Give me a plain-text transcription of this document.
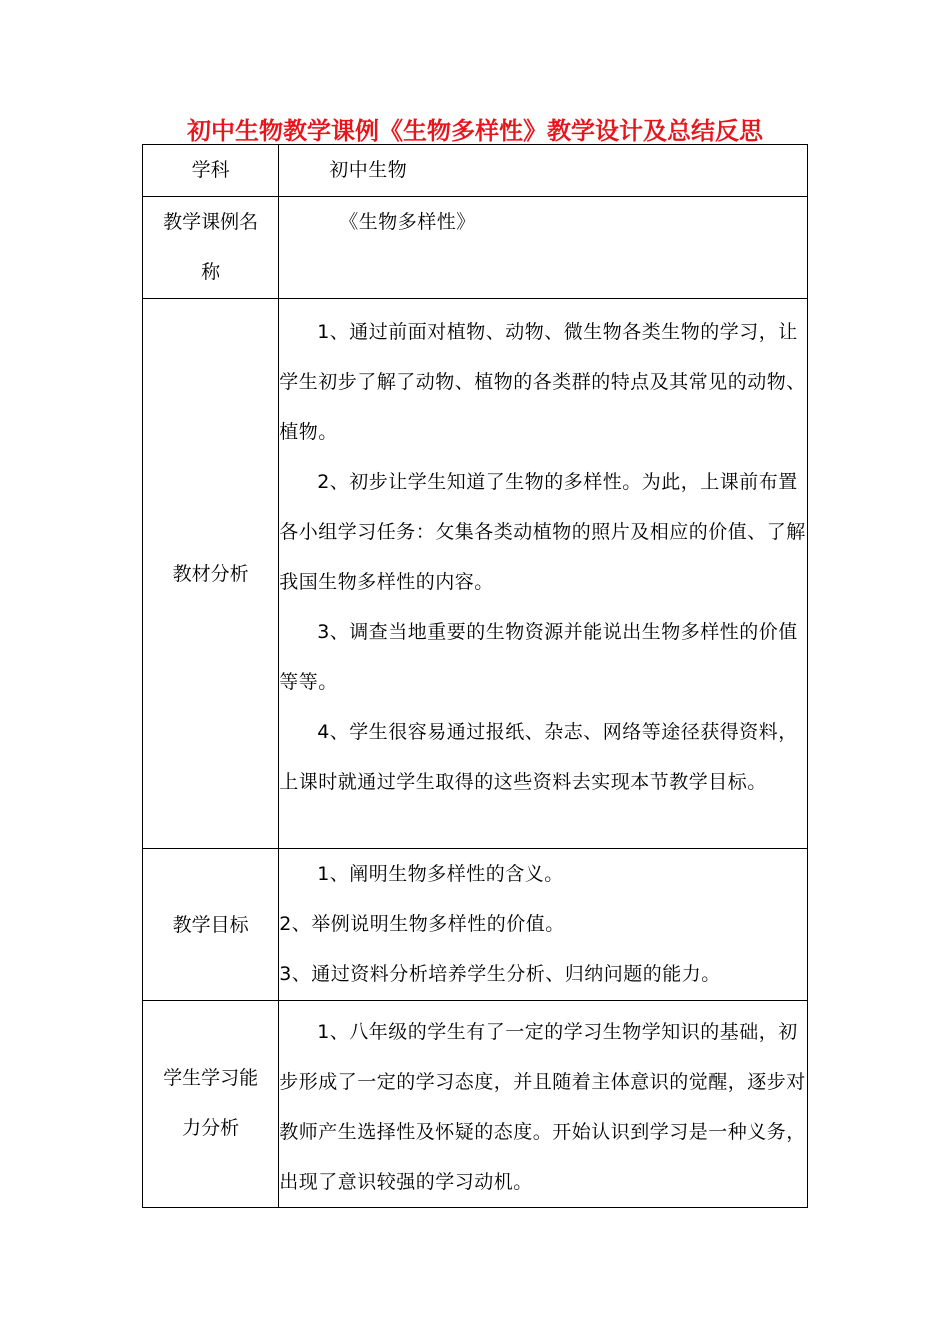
初中生物教学课例《生物多样性》教学设计及总结反思
学科	初中生物

教学课例名
称	《生物多样性》
教材分析	1、通过前面对植物、动物、微生物各类生物的学习，让学生初步了解了动物、植物的各类群的特点及其常见的动物、植物。

2、初步让学生知道了生物的多样性。为此，上课前布置各小组学习任务：攵集各类动植物的照片及相应的价值、了解我国生物多样性的内容。

3、调查当地重要的生物资源并能说出生物多样性的价值等等。

4、学生很容易通过报纸、杂志、网络等途径获得资料，上课时就通过学生取得的这些资料去实现本节教学目标。

教学目标	1、阐明生物多样性的含义。

2、举例说明生物多样性的价值。

3、通过资料分析培养学生分析、归纳问题的能力。

学生学习能
力分析	1、八年级的学生有了一定的学习生物学知识的基础，初步形成了一定的学习态度，并且随着主体意识的觉醒，逐步对教师产生选择性及怀疑的态度。开始认识到学习是一种义务，出现了意识较强的学习动机。
